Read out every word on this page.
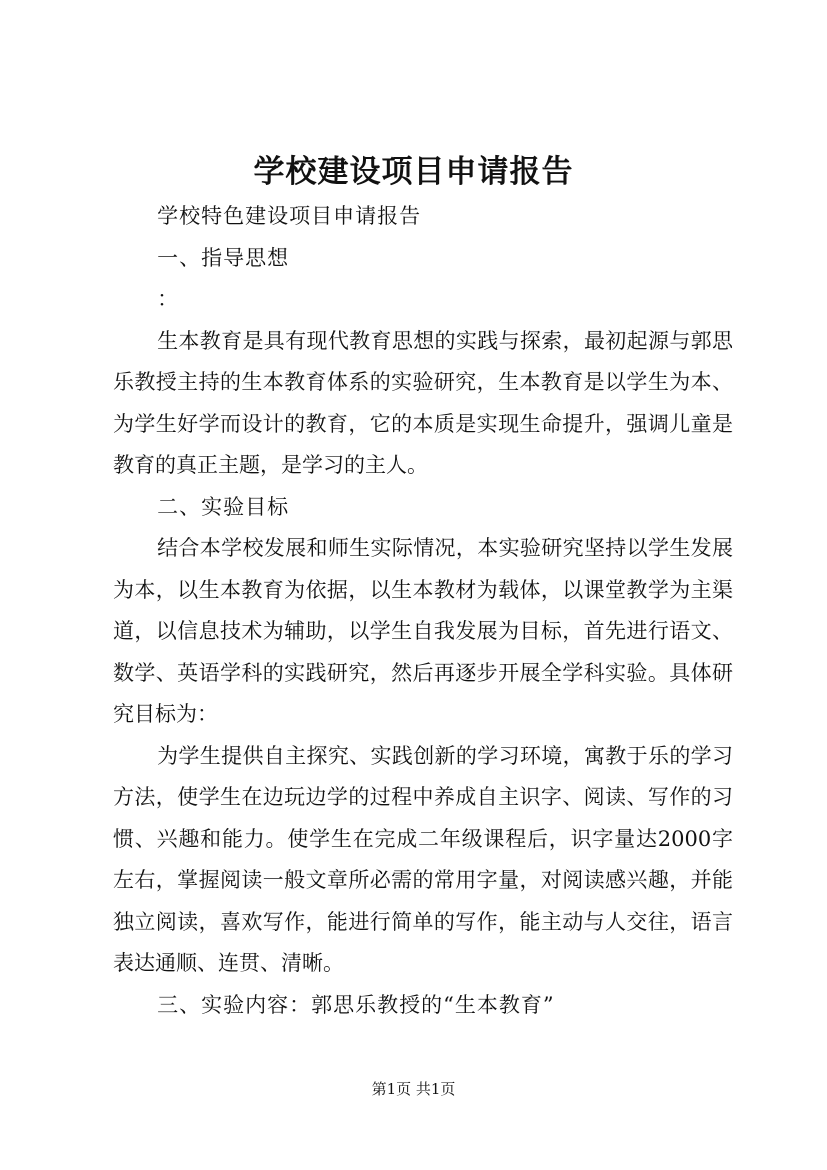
学校建设项目申请报告

学校特色建设项目申请报告

一、指导思想

：

生本教育是具有现代教育思想的实践与探索，最初起源与郭思乐教授主持的生本教育体系的实验研究，生本教育是以学生为本、为学生好学而设计的教育，它的本质是实现生命提升，强调儿童是教育的真正主题，是学习的主人。

二、实验目标

结合本学校发展和师生实际情况，本实验研究坚持以学生发展为本，以生本教育为依据，以生本教材为载体，以课堂教学为主渠道，以信息技术为辅助，以学生自我发展为目标，首先进行语文、数学、英语学科的实践研究，然后再逐步开展全学科实验。具体研究目标为：

为学生提供自主探究、实践创新的学习环境，寓教于乐的学习方法，使学生在边玩边学的过程中养成自主识字、阅读、写作的习惯、兴趣和能力。使学生在完成二年级课程后，识字量达2000字左右，掌握阅读一般文章所必需的常用字量，对阅读感兴趣，并能独立阅读，喜欢写作，能进行简单的写作，能主动与人交往，语言表达通顺、连贯、清晰。

三、实验内容：郭思乐教授的“生本教育”

第1页 共1页
